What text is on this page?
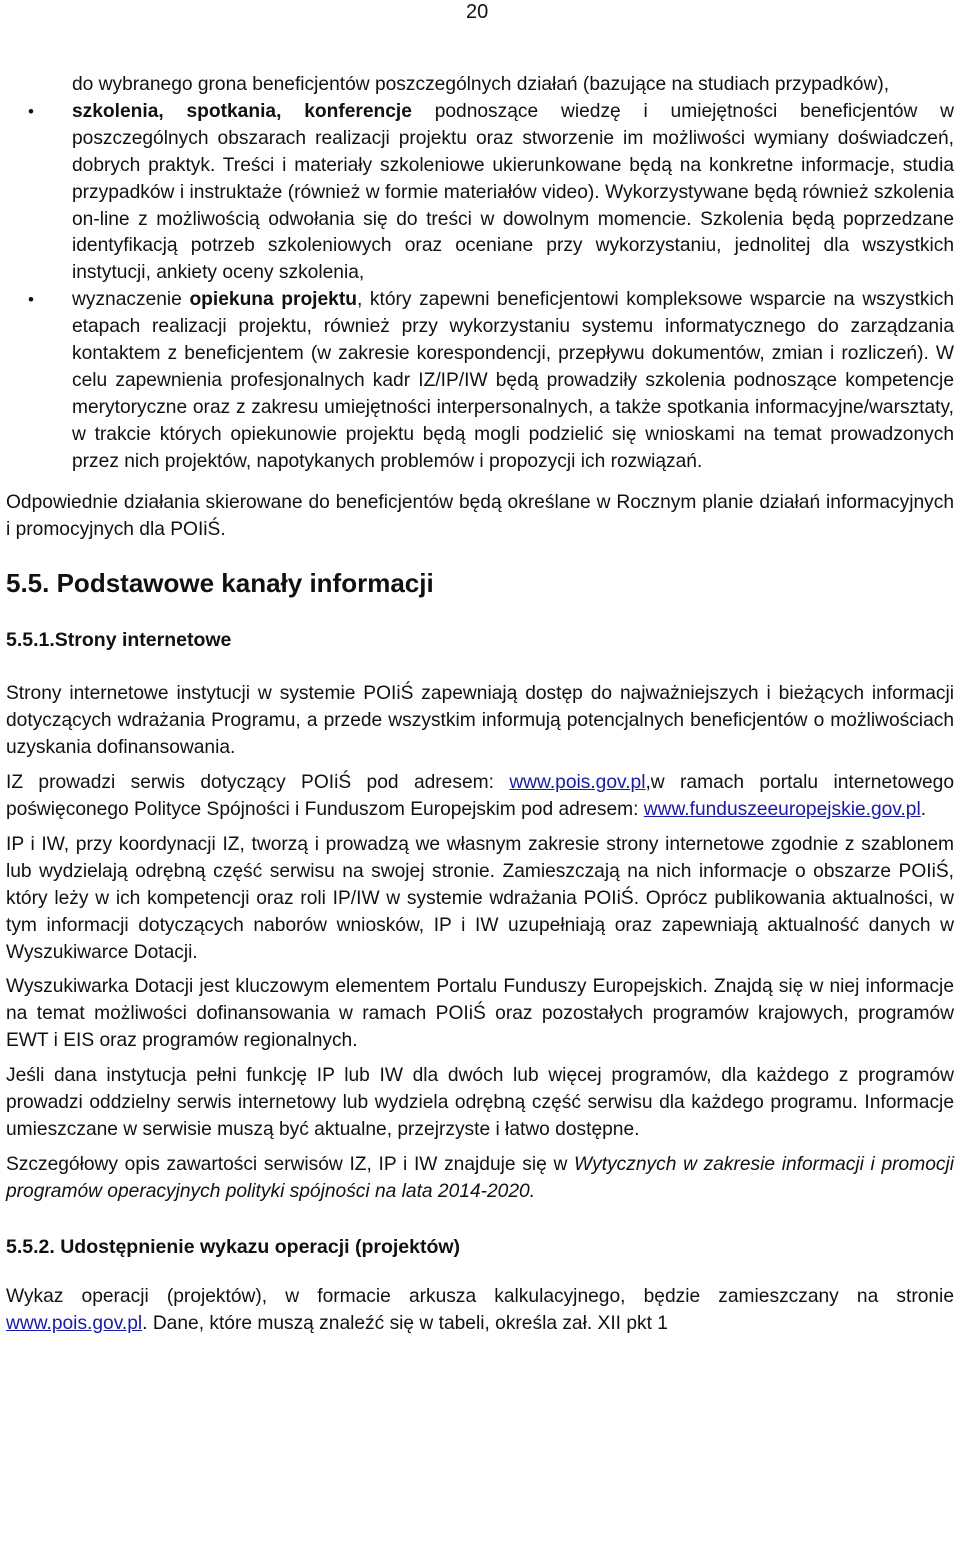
20
do wybranego grona beneficjentów poszczególnych działań (bazujące na studiach przypadków),
• szkolenia, spotkania, konferencje podnoszące wiedzę i umiejętności beneficjentów w poszczególnych obszarach realizacji projektu oraz stworzenie im możliwości wymiany doświadczeń, dobrych praktyk. Treści i materiały szkoleniowe ukierunkowane będą na konkretne informacje, studia przypadków i instruktaże (również w formie materiałów video). Wykorzystywane będą również szkolenia on-line z możliwością odwołania się do treści w dowolnym momencie. Szkolenia będą poprzedzane identyfikacją potrzeb szkoleniowych oraz oceniane przy wykorzystaniu, jednolitej dla wszystkich instytucji, ankiety oceny szkolenia,
• wyznaczenie opiekuna projektu, który zapewni beneficjentowi kompleksowe wsparcie na wszystkich etapach realizacji projektu, również przy wykorzystaniu systemu informatycznego do zarządzania kontaktem z beneficjentem (w zakresie korespondencji, przepływu dokumentów, zmian i rozliczeń). W celu zapewnienia profesjonalnych kadr IZ/IP/IW będą prowadziły szkolenia podnoszące kompetencje merytoryczne oraz z zakresu umiejętności interpersonalnych, a także spotkania informacyjne/warsztaty, w trakcie których opiekunowie projektu będą mogli podzielić się wnioskami na temat prowadzonych przez nich projektów, napotykanych problemów i propozycji ich rozwiązań.

Odpowiednie działania skierowane do beneficjentów będą określane w Rocznym planie działań informacyjnych i promocyjnych dla POIiŚ.

5.5. Podstawowe kanały informacji
5.5.1.Strony internetowe

Strony internetowe instytucji w systemie POIiŚ zapewniają dostęp do najważniejszych i bieżących informacji dotyczących wdrażania Programu, a przede wszystkim informują potencjalnych beneficjentów o możliwościach uzyskania dofinansowania.

IZ prowadzi serwis dotyczący POIiŚ pod adresem: www.pois.gov.pl,w ramach portalu internetowego poświęconego Polityce Spójności i Funduszom Europejskim pod adresem: www.funduszeeuropejskie.gov.pl.

IP i IW, przy koordynacji IZ, tworzą i prowadzą we własnym zakresie strony internetowe zgodnie z szablonem lub wydzielają odrębną część serwisu na swojej stronie. Zamieszczają na nich informacje o obszarze POIiŚ, który leży w ich kompetencji oraz roli IP/IW w systemie wdrażania POIiŚ. Oprócz publikowania aktualności, w tym informacji dotyczących naborów wniosków, IP i IW uzupełniają oraz zapewniają aktualność danych w Wyszukiwarce Dotacji.

Wyszukiwarka Dotacji jest kluczowym elementem Portalu Funduszy Europejskich. Znajdą się w niej informacje na temat możliwości dofinansowania w ramach POIiŚ oraz pozostałych programów krajowych, programów EWT i EIS oraz programów regionalnych.

Jeśli dana instytucja pełni funkcję IP lub IW dla dwóch lub więcej programów, dla każdego z programów prowadzi oddzielny serwis internetowy lub wydziela odrębną część serwisu dla każdego programu. Informacje umieszczane w serwisie muszą być aktualne, przejrzyste i łatwo dostępne.

Szczegółowy opis zawartości serwisów IZ, IP i IW znajduje się w Wytycznych w zakresie informacji i promocji programów operacyjnych polityki spójności na lata 2014-2020.

5.5.2. Udostępnienie wykazu operacji (projektów)

Wykaz operacji (projektów), w formacie arkusza kalkulacyjnego, będzie zamieszczany na stronie www.pois.gov.pl. Dane, które muszą znaleźć się w tabeli, określa zał. XII pkt 1
